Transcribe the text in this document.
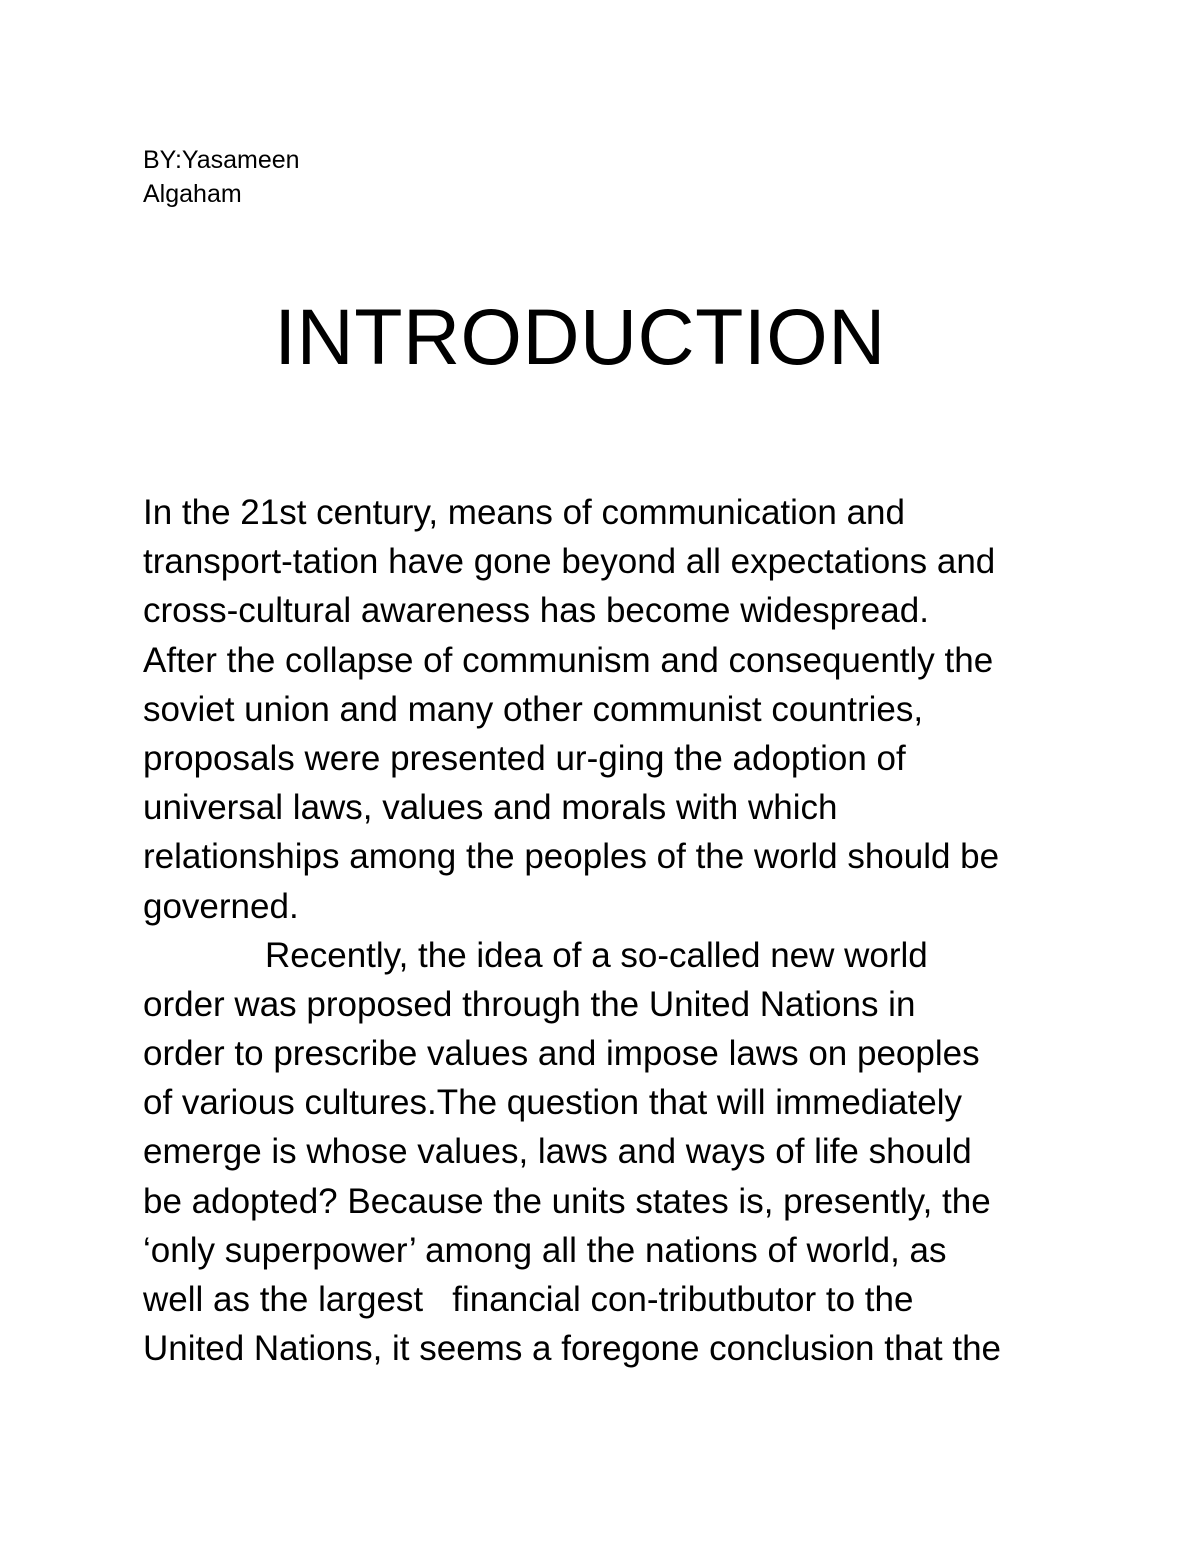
BY:Yasameen
Algaham
INTRODUCTION
In the 21st century, means of communication and
transport-tation have gone beyond all expectations and
cross-cultural awareness has become widespread.
After the collapse of communism and consequently the
soviet union and many other communist countries,
proposals were presented ur-ging the adoption of
universal laws, values and morals with which
relationships among the peoples of the world should be
governed.
Recently, the idea of a so-called new world
order was proposed through the United Nations in
order to prescribe values and impose laws on peoples
of various cultures.The question that will immediately
emerge is whose values, laws and ways of life should
be adopted? Because the units states is, presently, the
‘only superpower’ among all the nations of world, as
well as the largest   financial con-tributbutor to the
United Nations, it seems a foregone conclusion that the
